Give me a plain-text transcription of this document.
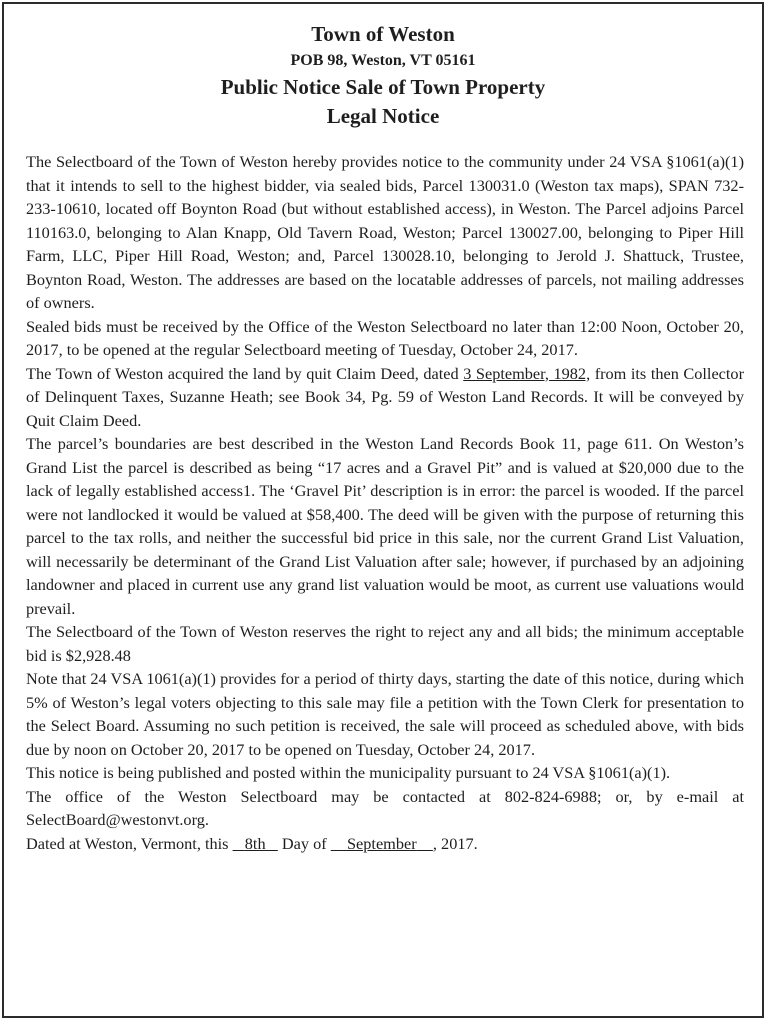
Town of Weston
POB 98, Weston, VT 05161
Public Notice Sale of Town Property
Legal Notice

The Selectboard of the Town of Weston hereby provides notice to the community under 24 VSA §1061(a)(1) that it intends to sell to the highest bidder, via sealed bids, Parcel 130031.0 (Weston tax maps), SPAN 732-233-10610, located off Boynton Road (but without established access), in Weston. The Parcel adjoins Parcel 110163.0, belonging to Alan Knapp, Old Tavern Road, Weston; Parcel 130027.00, belonging to Piper Hill Farm, LLC, Piper Hill Road, Weston; and, Parcel 130028.10, belonging to Jerold J. Shattuck, Trustee, Boynton Road, Weston. The addresses are based on the locatable addresses of parcels, not mailing addresses of owners.

Sealed bids must be received by the Office of the Weston Selectboard no later than 12:00 Noon, October 20, 2017, to be opened at the regular Selectboard meeting of Tuesday, October 24, 2017.

The Town of Weston acquired the land by quit Claim Deed, dated 3 September, 1982, from its then Collector of Delinquent Taxes, Suzanne Heath; see Book 34, Pg. 59 of Weston Land Records. It will be conveyed by Quit Claim Deed.

The parcel’s boundaries are best described in the Weston Land Records Book 11, page 611. On Weston’s Grand List the parcel is described as being “17 acres and a Gravel Pit” and is valued at $20,000 due to the lack of legally established access1. The ‘Gravel Pit’ description is in error: the parcel is wooded. If the parcel were not landlocked it would be valued at $58,400. The deed will be given with the purpose of returning this parcel to the tax rolls, and neither the successful bid price in this sale, nor the current Grand List Valuation, will necessarily be determinant of the Grand List Valuation after sale; however, if purchased by an adjoining landowner and placed in current use any grand list valuation would be moot, as current use valuations would prevail.

The Selectboard of the Town of Weston reserves the right to reject any and all bids; the minimum acceptable bid is $2,928.48

Note that 24 VSA 1061(a)(1) provides for a period of thirty days, starting the date of this notice, during which 5% of Weston’s legal voters objecting to this sale may file a petition with the Town Clerk for presentation to the Select Board. Assuming no such petition is received, the sale will proceed as scheduled above, with bids due by noon on October 20, 2017 to be opened on Tuesday, October 24, 2017.

This notice is being published and posted within the municipality pursuant to 24 VSA §1061(a)(1).

The office of the Weston Selectboard may be contacted at 802-824-6988; or, by e-mail at SelectBoard@westonvt.org.

Dated at Weston, Vermont, this    8th    Day of     September , 2017.
